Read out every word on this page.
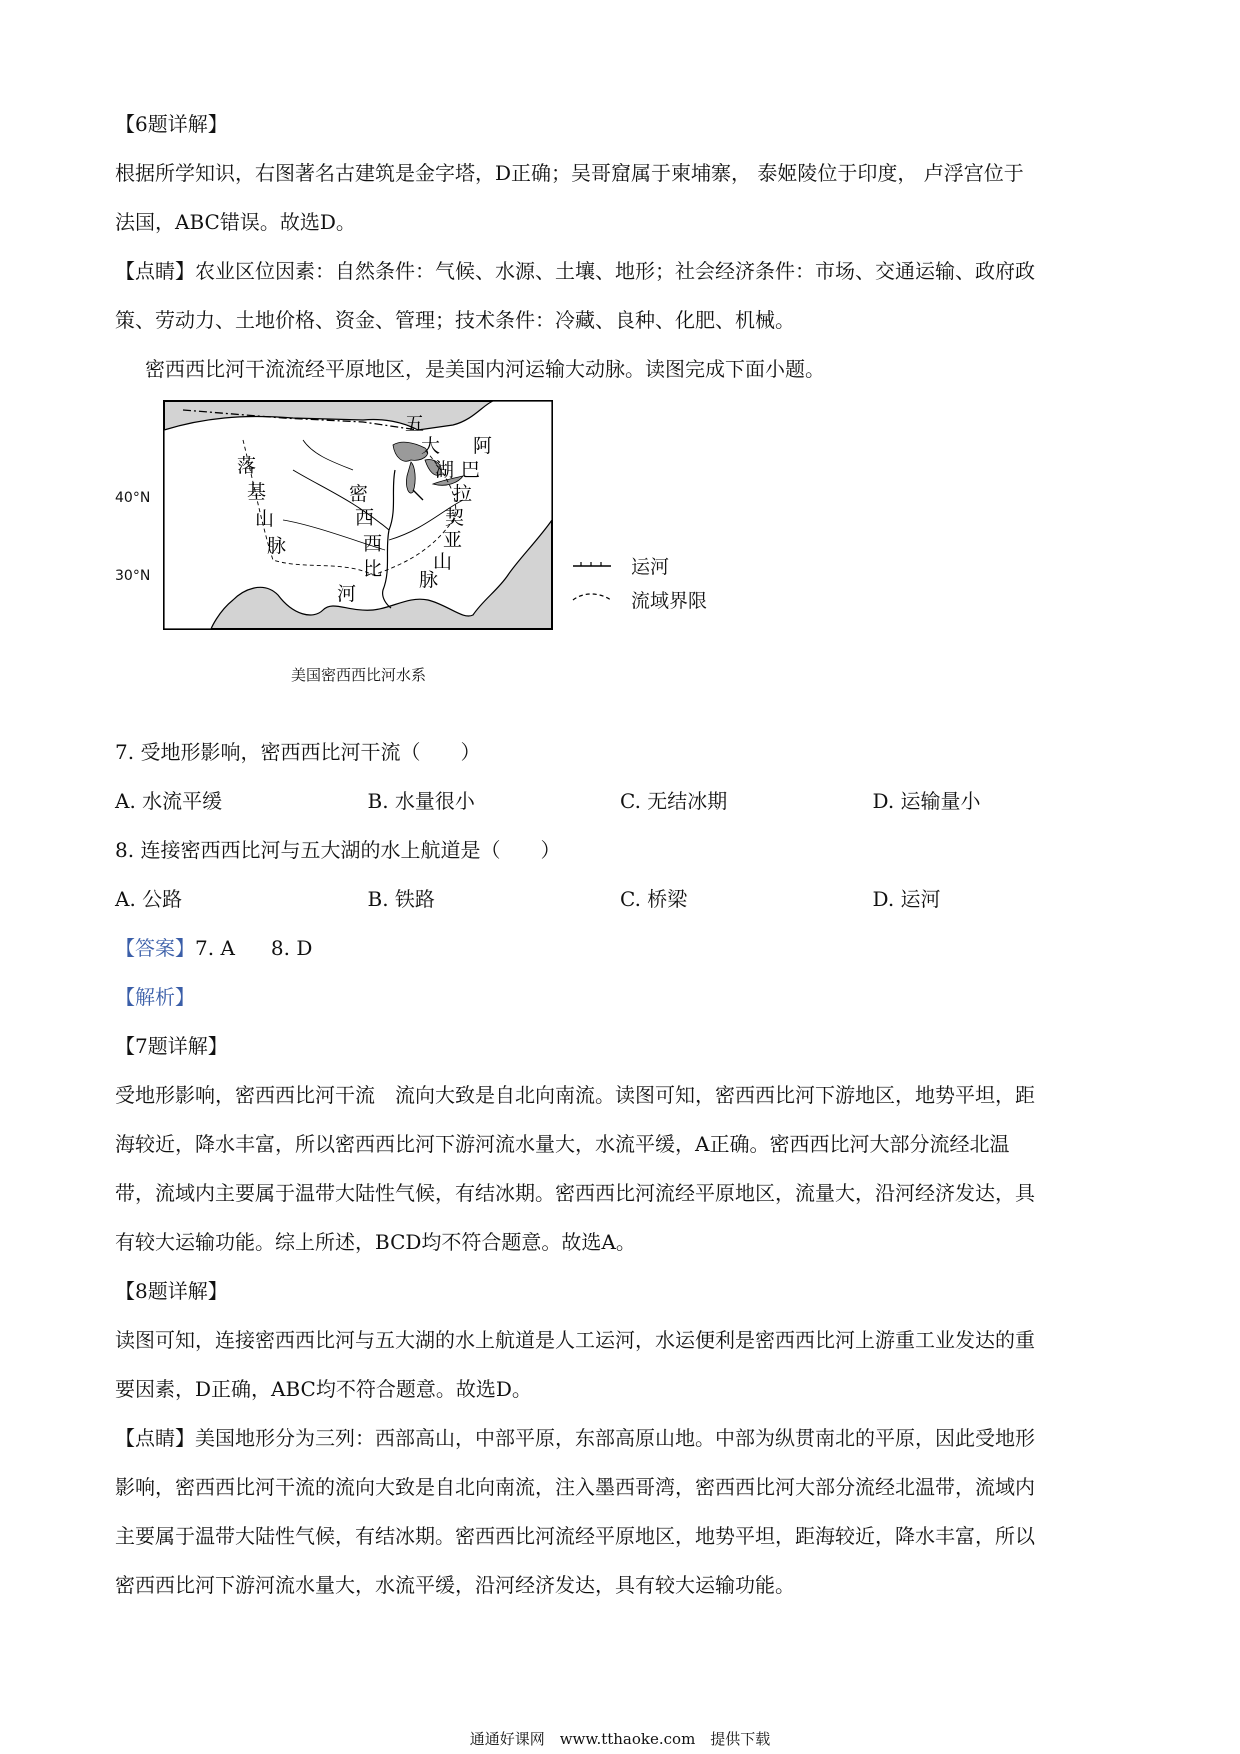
【6题详解】
根据所学知识，右图著名古建筑是金字塔，D正确；吴哥窟属于柬埔寨， 泰姬陵位于印度， 卢浮宫位于
法国，ABC错误。故选D。
【点睛】农业区位因素：自然条件：气候、水源、土壤、地形；社会经济条件：市场、交通运输、政府政
策、劳动力、土地价格、资金、管理；技术条件：冷藏、良种、化肥、机械。
密西西比河干流流经平原地区，是美国内河运输大动脉。读图完成下面小题。
40°N
30°N
落
基
山
脉
五
大
湖
阿
巴
拉
契
亚
山
脉
密
西
西
比
河
运河
流域界限
美国密西西比河水系
7. 受地形影响，密西西比河干流（　　）
A. 水流平缓	B. 水量很小	C. 无结冰期	D. 运输量小
8. 连接密西西比河与五大湖的水上航道是（　　）
A. 公路	B. 铁路	C. 桥梁	D. 运河
【答案】7. A 8. D
【解析】
【7题详解】
受地形影响，密西西比河干流　流向大致是自北向南流。读图可知，密西西比河下游地区，地势平坦，距
海较近，降水丰富，所以密西西比河下游河流水量大，水流平缓，A正确。密西西比河大部分流经北温
带，流域内主要属于温带大陆性气候，有结冰期。密西西比河流经平原地区，流量大，沿河经济发达，具
有较大运输功能。综上所述，BCD均不符合题意。故选A。
【8题详解】
读图可知，连接密西西比河与五大湖的水上航道是人工运河，水运便利是密西西比河上游重工业发达的重
要因素，D正确，ABC均不符合题意。故选D。
【点睛】美国地形分为三列：西部高山，中部平原，东部高原山地。中部为纵贯南北的平原，因此受地形
影响，密西西比河干流的流向大致是自北向南流，注入墨西哥湾，密西西比河大部分流经北温带，流域内
主要属于温带大陆性气候，有结冰期。密西西比河流经平原地区，地势平坦，距海较近，降水丰富，所以
密西西比河下游河流水量大，水流平缓，沿河经济发达，具有较大运输功能。
通通好课网　www.tthaoke.com　提供下载
